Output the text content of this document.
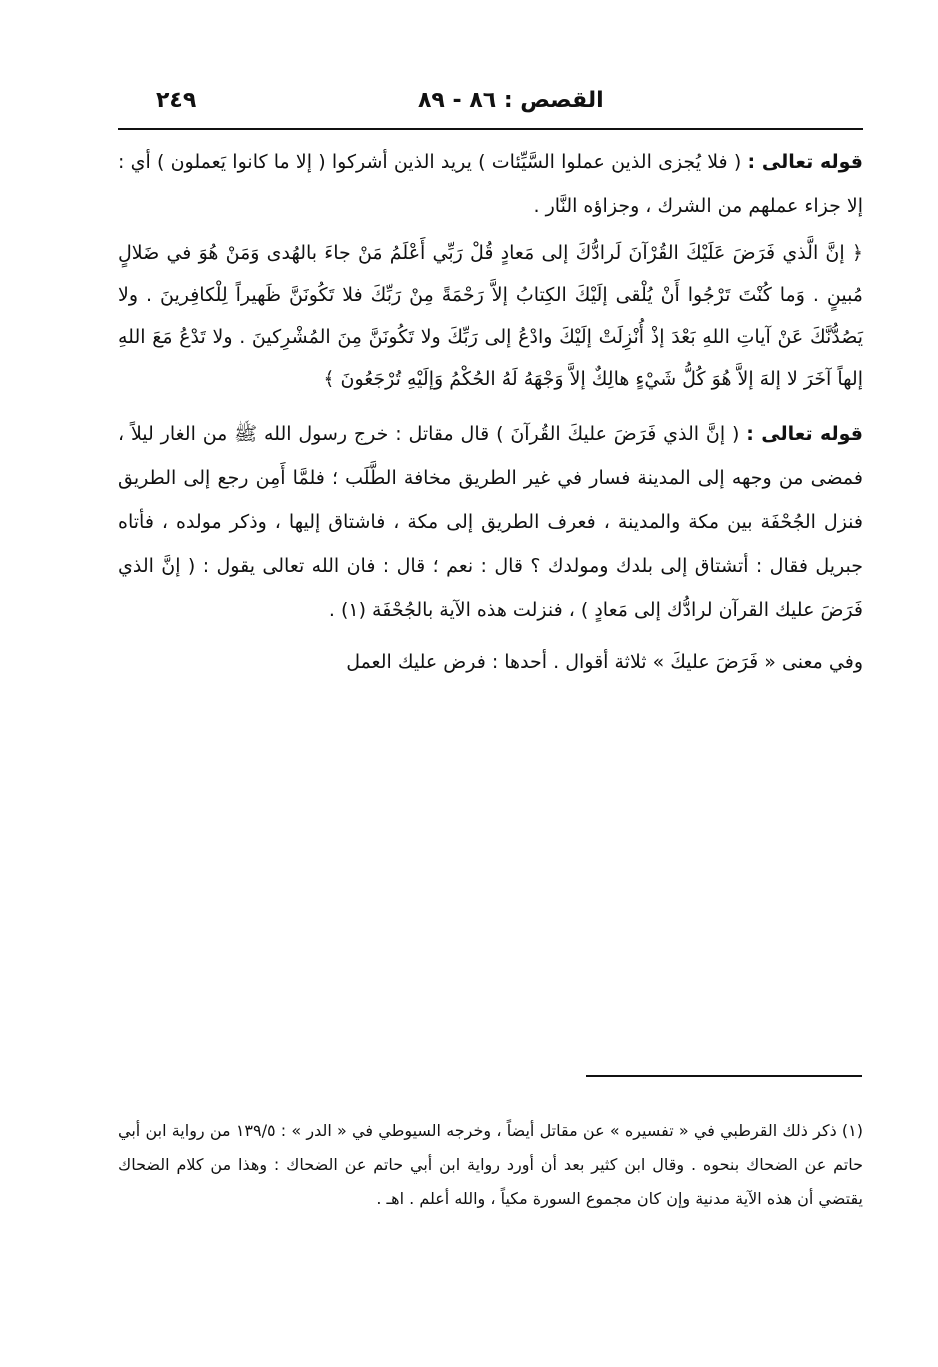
٢٤٩	القصص : ٨٦ - ٨٩

قوله تعالى : ( فلا يُجزى الذين عملوا السَّيِّئات ) يريد الذين أشركوا ( إلا ما كانوا يَعملون ) أي : إلا جزاء عملهم من الشرك ، وجزاؤه النَّار .

﴿ إنَّ الَّذي فَرَضَ عَلَيْكَ القُرْآنَ لَرادُّكَ إلى مَعادٍ قُلْ رَبِّي أَعْلَمُ مَنْ جاءَ بالهُدى وَمَنْ هُوَ في ضَلالٍ مُبينٍ . وَما كُنْتَ تَرْجُوا أَنْ يُلْقى إلَيْكَ الكِتابُ إلاَّ رَحْمَةً مِنْ رَبِّكَ فلا تَكُونَنَّ ظَهيراً لِلْكافِرينَ . ولا يَصُدُّنَّكَ عَنْ آياتِ اللهِ بَعْدَ إذْ أُنْزِلَتْ إلَيْكَ وادْعُ إلى رَبِّكَ ولا تَكُونَنَّ مِنَ المُشْرِكينَ . ولا تَدْعُ مَعَ اللهِ إلهاً آخَرَ لا إلهَ إلاَّ هُوَ كُلُّ شَيْءٍ هالِكٌ إلاَّ وَجْهَهُ لَهُ الحُكْمُ وَإلَيْهِ تُرْجَعُونَ ﴾

قوله تعالى : ( إنَّ الذي فَرَضَ عليكَ القُرآنَ ) قال مقاتل : خرج رسول الله ﷺ من الغار ليلاً ، فمضى من وجهه إلى المدينة فسار في غير الطريق مخافة الطَّلَب ؛ فلمَّا أَمِن رجع إلى الطريق فنزل الجُحْفَة بين مكة والمدينة ، فعرف الطريق إلى مكة ، فاشتاق إليها ، وذكر مولده ، فأتاه جبريل فقال : أتشتاق إلى بلدك ومولدك ؟ قال : نعم ؛ قال : فان الله تعالى يقول : ( إنَّ الذي فَرَضَ عليك القرآن لرادُّك إلى مَعادٍ ) ، فنزلت هذه الآية بالجُحْفَة (١) .

وفي معنى « فَرَضَ عليكَ » ثلاثة أقوال . أحدها : فرض عليك العمل

(١) ذكر ذلك القرطبي في « تفسيره » عن مقاتل أيضاً ، وخرجه السيوطي في « الدر » : ١٣٩/٥ من رواية ابن أبي حاتم عن الضحاك بنحوه . وقال ابن كثير بعد أن أورد رواية ابن أبي حاتم عن الضحاك : وهذا من كلام الضحاك يقتضي أن هذه الآية مدنية وإن كان مجموع السورة مكياً ، والله أعلم . اهـ .
